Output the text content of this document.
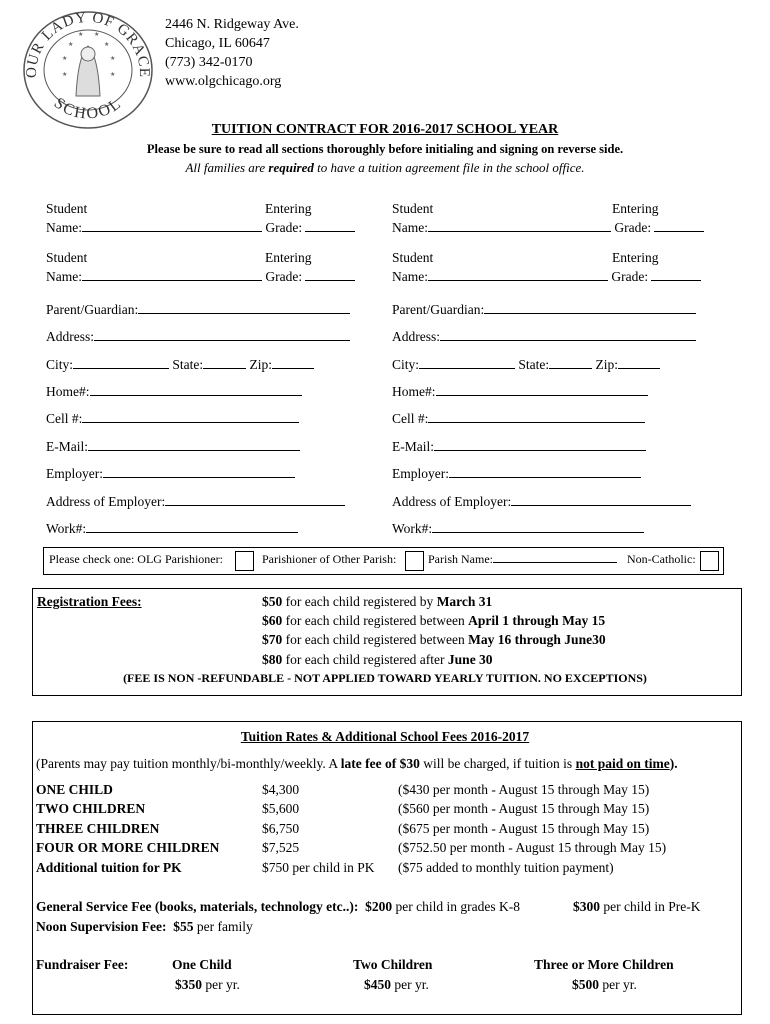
OUR LADY OF GRACE
SCHOOL
★	★
★	★
★	★
★ ★
2446 N. Ridgeway Ave.
Chicago, IL 60647
(773) 342-0170
www.olgchicago.org
TUITION CONTRACT FOR 2016-2017 SCHOOL YEAR
Please be sure to read all sections thoroughly before initialing and signing on reverse side.
All families are required to have a tuition agreement file in the school office.
Student	Entering	Student	Entering
Name:	Grade:	Name:	Grade:
Student	Entering	Student	Entering
Name:	Grade:	Name:	Grade:
Parent/Guardian:	Parent/Guardian:
Address:	Address:
City:	State:	Zip:	City:	State:	Zip:
Home#:	Home#:
Cell #:	Cell #:
E-Mail:	E-Mail:
Employer:	Employer:
Address of Employer:	Address of Employer:
Work#:	Work#:
Please check one: OLG Parishioner:	Parishioner of Other Parish:	Parish Name:	Non-Catholic:
Registration Fees:	$50 for each child registered by March 31
$60 for each child registered between April 1 through May 15
$70 for each child registered between May 16 through June30
$80 for each child registered after June 30
(FEE IS NON -REFUNDABLE - NOT APPLIED TOWARD YEARLY TUITION. NO EXCEPTIONS)
Tuition Rates & Additional School Fees 2016-2017
(Parents may pay tuition monthly/bi-monthly/weekly. A late fee of $30 will be charged, if tuition is not paid on time).
ONE CHILD	$4,300	($430 per month - August 15 through May 15)
TWO CHILDREN	$5,600	($560 per month - August 15 through May 15)
THREE CHILDREN	$6,750	($675 per month - August 15 through May 15)
FOUR OR MORE CHILDREN	$7,525	($752.50 per month - August 15 through May 15)
Additional tuition for PK	$750 per child in PK ($75 added to monthly tuition payment)
General Service Fee (books, materials, technology etc..): $200 per child in grades K-8	$300 per child in Pre-K
Noon Supervision Fee: $55 per family
Fundraiser Fee:	One Child	Two Children	Three or More Children
$350 per yr.	$450 per yr.	$500 per yr.
